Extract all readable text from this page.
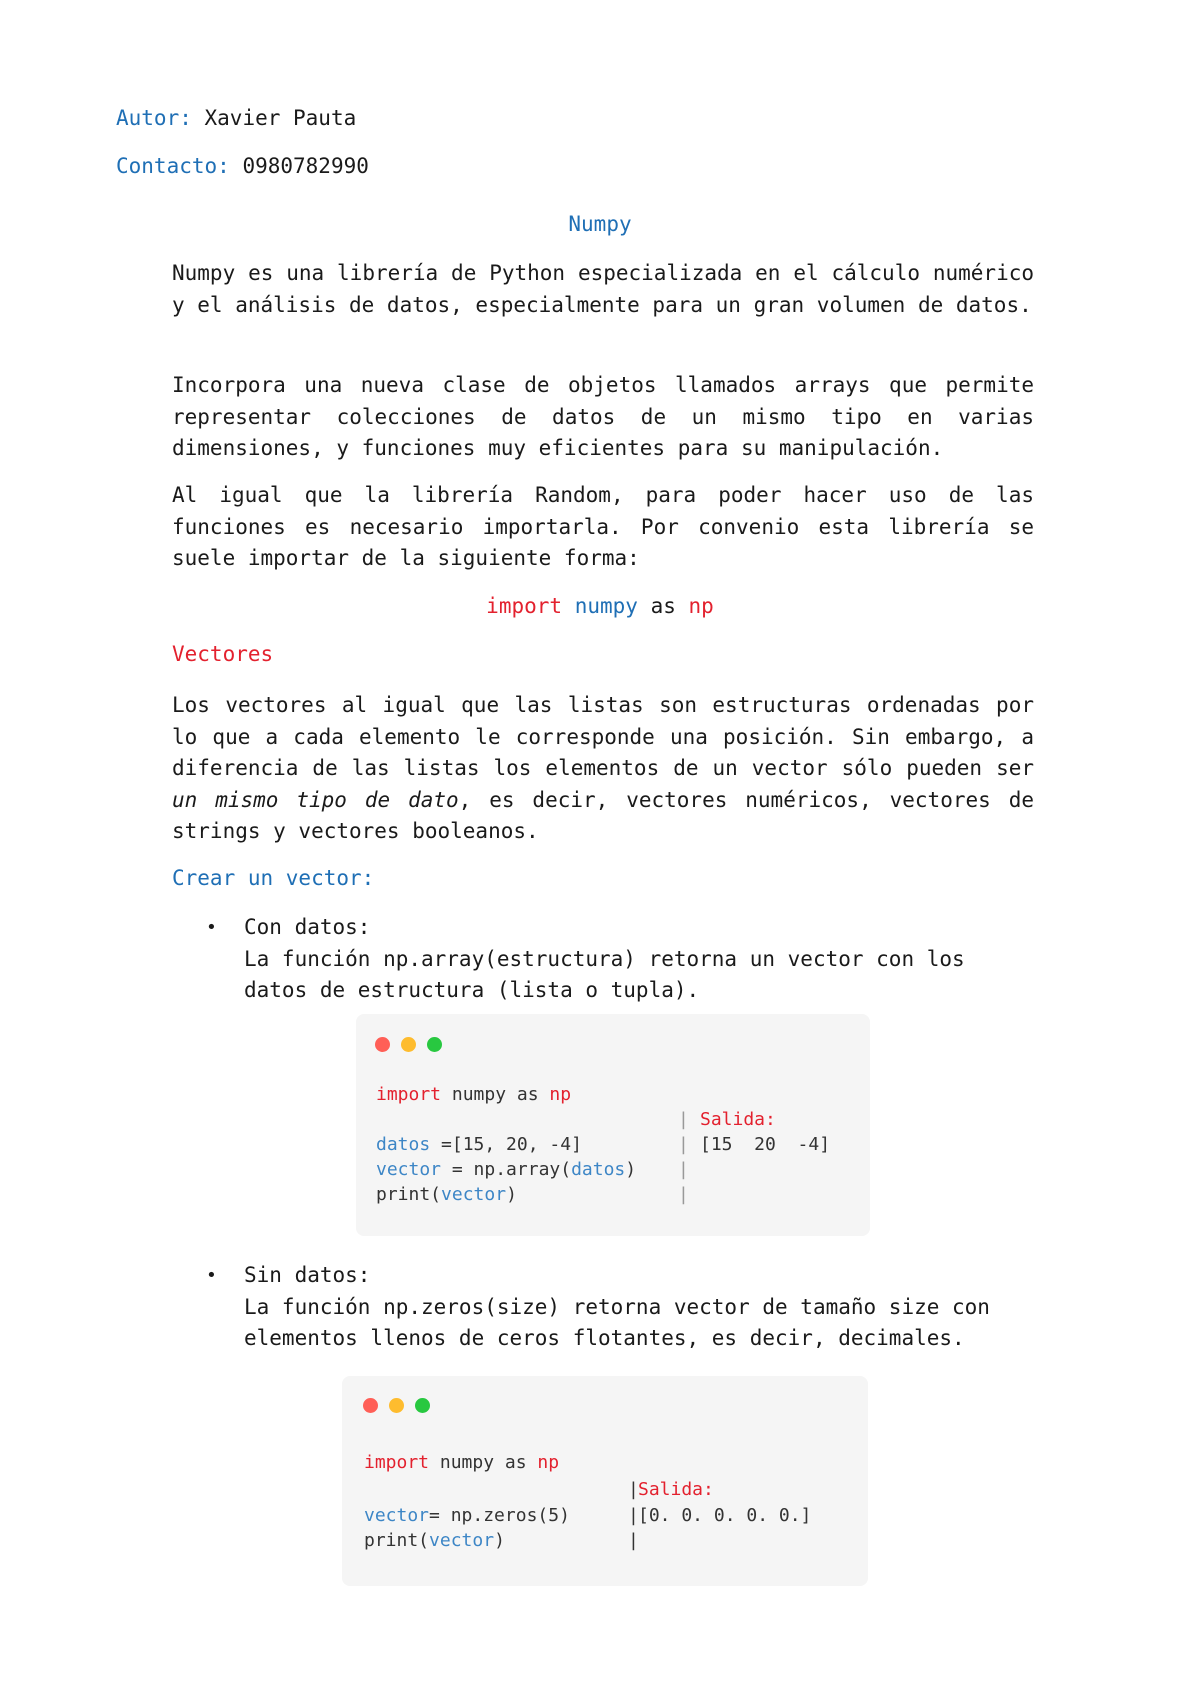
Autor: Xavier Pauta
Contacto: 0980782990
Numpy
Numpy es una librería de Python especializada en el cálculo numérico y el análisis de datos, especialmente para un gran volumen de datos.
Incorpora una nueva clase de objetos llamados arrays que permite representar colecciones de datos de un mismo tipo en varias dimensiones, y funciones muy eficientes para su manipulación.
Al igual que la librería Random, para poder hacer uso de las funciones es necesario importarla. Por convenio esta librería se suele importar de la siguiente forma:
import numpy as np
Vectores
Los vectores al igual que las listas son estructuras ordenadas por lo que a cada elemento le corresponde una posición. Sin embargo, a diferencia de las listas los elementos de un vector sólo pueden ser un mismo tipo de dato, es decir, vectores numéricos, vectores de strings y vectores booleanos.
Crear un vector:
• Con datos:
La función np.array(estructura) retorna un vector con los datos de estructura (lista o tupla).
import numpy as np
datos =[15, 20, -4]
vector = np.array(datos)
print(vector)
|
|
|
|
Salida:
[15  20  -4]
• Sin datos:
La función np.zeros(size) retorna vector de tamaño size con elementos llenos de ceros flotantes, es decir, decimales.
import numpy as np
vector= np.zeros(5)
print(vector)
|
|
|
Salida:
[0. 0. 0. 0. 0.]
